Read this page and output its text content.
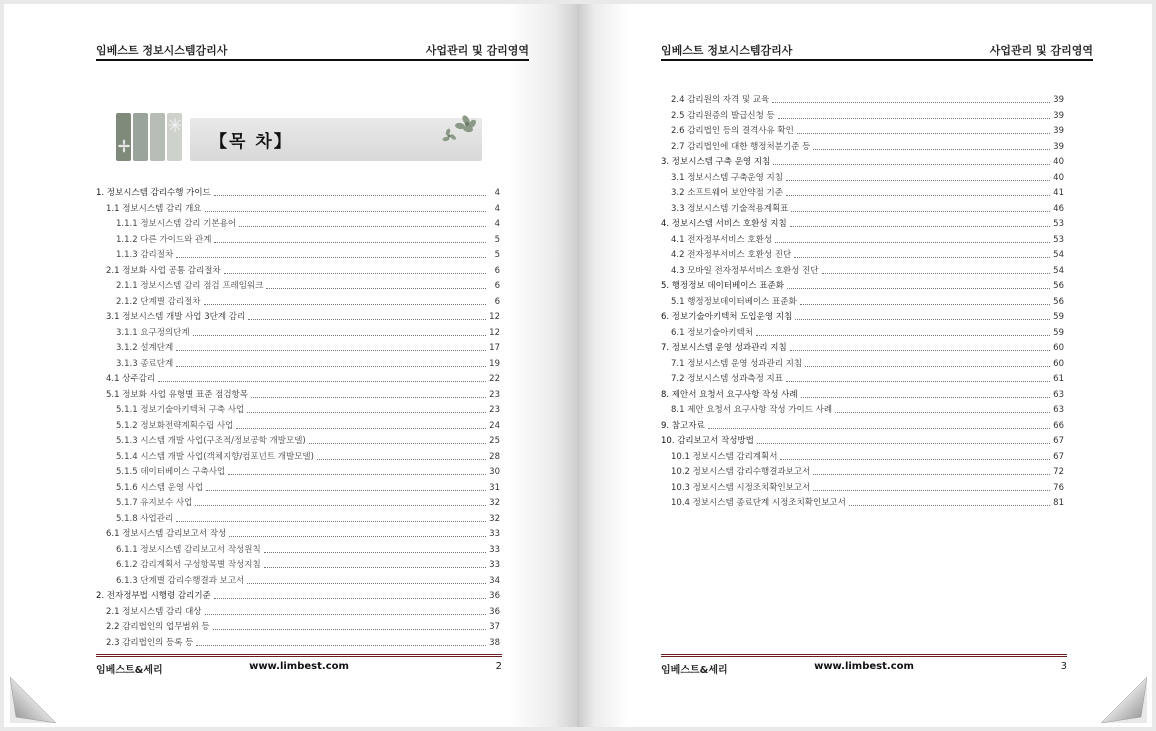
임베스트 정보시스템감리사	사업관리 및 감리영역
【목 차】
1. 정보시스템 감리수행 가이드	4
1.1 정보시스템 감리 개요	4
1.1.1 정보시스템 감리 기본용어	4
1.1.2 다른 가이드와 관계	5
1.1.3 감리절차	5
2.1 정보화 사업 공통 감리절차	6
2.1.1 정보시스템 감리 점검 프레임워크	6
2.1.2 단계별 감리절차	6
3.1 정보시스템 개발 사업 3단계 감리	12
3.1.1 요구정의단계	12
3.1.2 설계단계	17
3.1.3 종료단계	19
4.1 상주감리	22
5.1 정보화 사업 유형별 표준 점검항목	23
5.1.1 정보기술아키텍처 구축 사업	23
5.1.2 정보화전략계획수립 사업	24
5.1.3 시스템 개발 사업(구조적/정보공학 개발모델)	25
5.1.4 시스템 개발 사업(객체지향/컴포넌트 개발모델)	28
5.1.5 데이터베이스 구축사업	30
5.1.6 시스템 운영 사업	31
5.1.7 유지보수 사업	32
5.1.8 사업관리	32
6.1 정보시스템 감리보고서 작성	33
6.1.1 정보시스템 감리보고서 작성원칙	33
6.1.2 감리계획서 구성항목별 작성지침	33
6.1.3 단계별 감리수행결과 보고서	34
2. 전자정부법 시행령 감리기준	36
2.1 정보시스템 감리 대상	36
2.2 감리법인의 업무범위 등	37
2.3 감리법인의 등록 등	38
임베스트&세리	www.limbest.com	2
임베스트 정보시스템감리사	사업관리 및 감리영역
2.4 감리원의 자격 및 교육	39
2.5 감리원증의 발급신청 등	39
2.6 감리법인 등의 결격사유 확인	39
2.7 감리법인에 대한 행정처분기준 등	39
3. 정보시스템 구축 운영 지침	40
3.1 정보시스템 구축운영 지침	40
3.2 소프트웨어 보안약점 기준	41
3.3 정보시스템 기술적용계획표	46
4. 정보시스템 서비스 호환성 지침	53
4.1 전자정부서비스 호환성	53
4.2 전자정부서비스 호환성 진단	54
4.3 모바일 전자정부서비스 호환성 진단	54
5. 행정정보 데이터베이스 표준화	56
5.1 행정정보데이터베이스 표준화	56
6. 정보기술아키텍처 도입운영 지침	59
6.1 정보기술아키텍처	59
7. 정보시스템 운영 성과관리 지침	60
7.1 정보시스템 운영 성과관리 지침	60
7.2 정보시스템 성과측정 지표	61
8. 제안서 요청서 요구사항 작성 사례	63
8.1 제안 요청서 요구사항 작성 가이드 사례	63
9. 참고자료	66
10. 감리보고서 작성방법	67
10.1 정보시스템 감리계획서	67
10.2 정보시스템 감리수행결과보고서	72
10.3 정보시스템 시정조치확인보고서	76
10.4 정보시스템 종료단계 시정조치확인보고서	81
임베스트&세리	www.limbest.com	3
